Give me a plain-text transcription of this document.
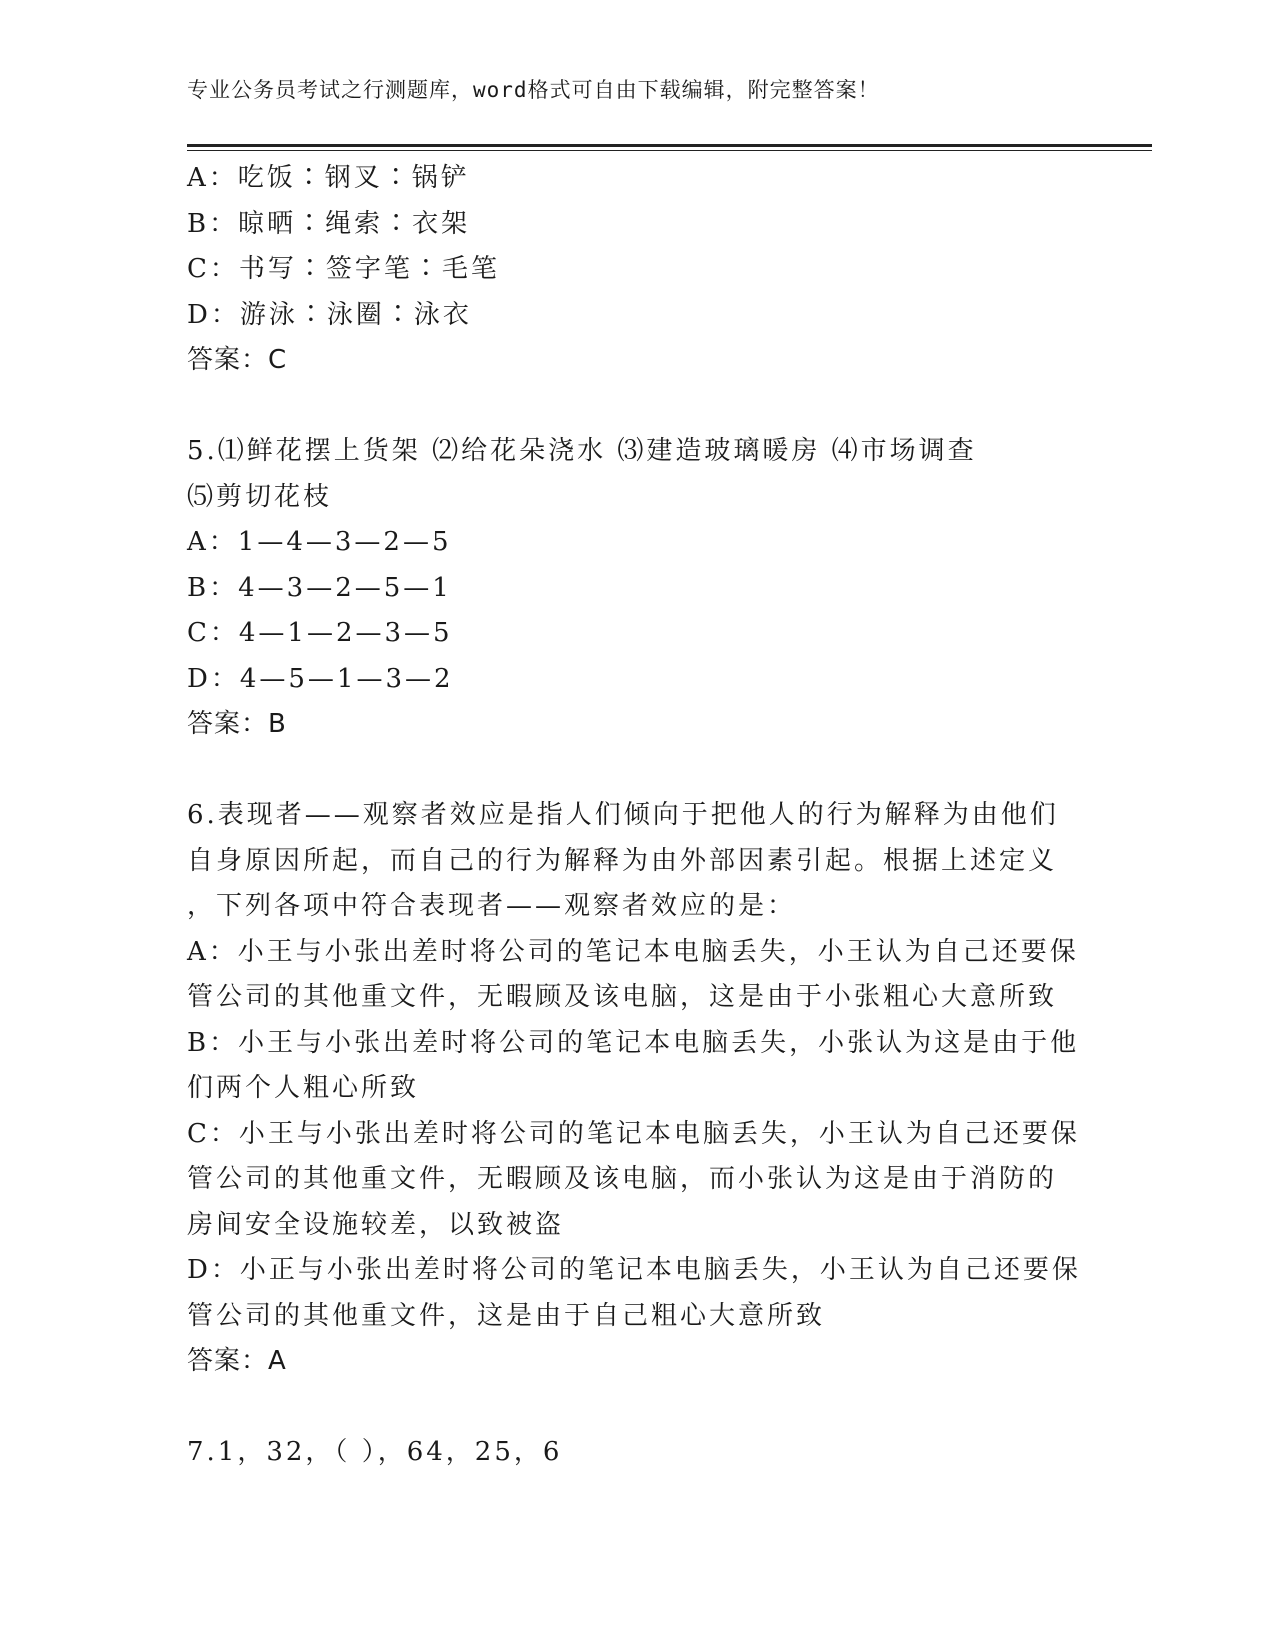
专业公务员考试之行测题库，word格式可自由下载编辑，附完整答案！
A：吃饭∶钢叉∶锅铲
B：晾晒∶绳索∶衣架
C：书写∶签字笔∶毛笔
D：游泳∶泳圈∶泳衣
答案：C
5.⑴鲜花摆上货架 ⑵给花朵浇水 ⑶建造玻璃暖房 ⑷市场调查
⑸剪切花枝
A：1—4—3—2—5
B：4—3—2—5—1
C：4—1—2—3—5
D：4—5—1—3—2
答案：B
6.表现者——观察者效应是指人们倾向于把他人的行为解释为由他们
自身原因所起，而自己的行为解释为由外部因素引起。根据上述定义
，下列各项中符合表现者——观察者效应的是：
A：小王与小张出差时将公司的笔记本电脑丢失，小王认为自己还要保
管公司的其他重文件，无暇顾及该电脑，这是由于小张粗心大意所致
B：小王与小张出差时将公司的笔记本电脑丢失，小张认为这是由于他
们两个人粗心所致
C：小王与小张出差时将公司的笔记本电脑丢失，小王认为自己还要保
管公司的其他重文件，无暇顾及该电脑，而小张认为这是由于消防的
房间安全设施较差，以致被盗
D：小正与小张出差时将公司的笔记本电脑丢失，小王认为自己还要保
管公司的其他重文件，这是由于自己粗心大意所致
答案：A
7.1，32，（ ），64，25，6
